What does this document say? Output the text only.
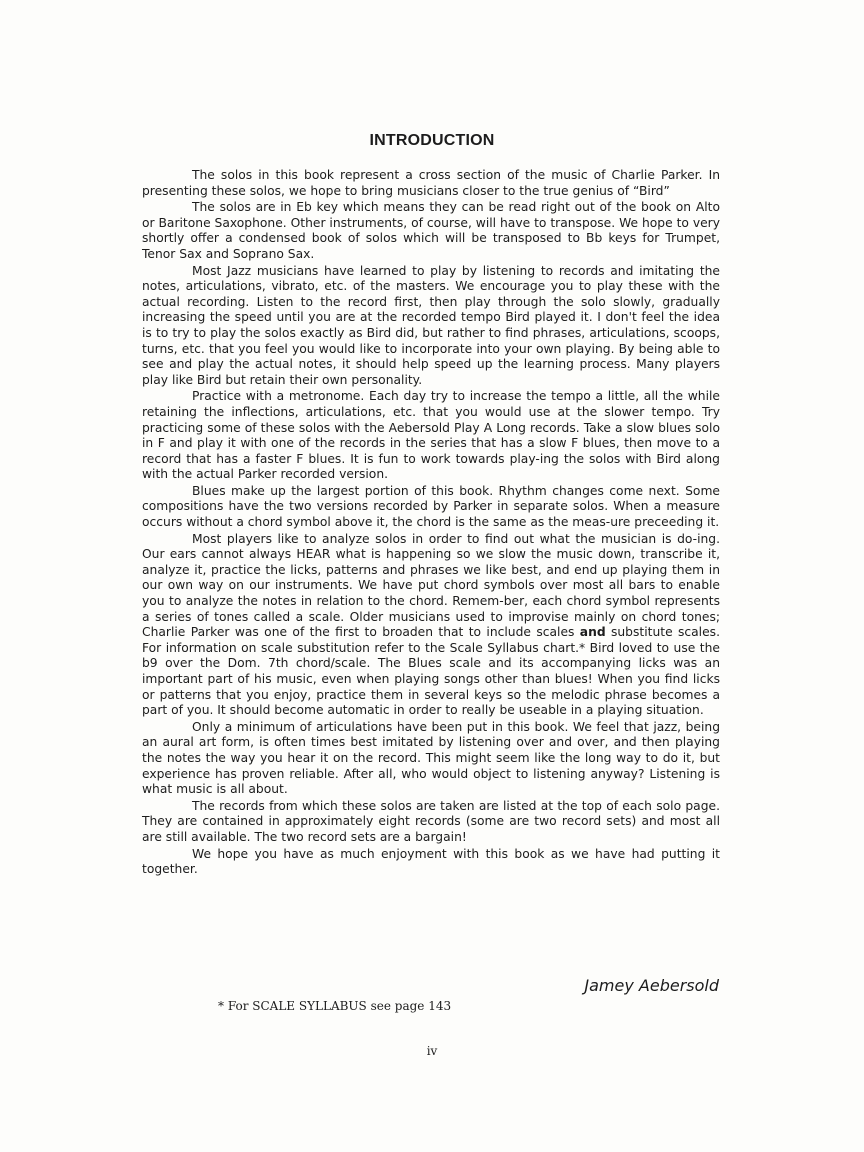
INTRODUCTION

The solos in this book represent a cross section of the music of Charlie Parker. In presenting these solos, we hope to bring musicians closer to the true genius of “Bird”

The solos are in Eb key which means they can be read right out of the book on Alto or Baritone Saxophone. Other instruments, of course, will have to transpose. We hope to very shortly offer a condensed book of solos which will be transposed to Bb keys for Trumpet, Tenor Sax and Soprano Sax.

Most Jazz musicians have learned to play by listening to records and imitating the notes, articulations, vibrato, etc. of the masters. We encourage you to play these with the actual recording. Listen to the record first, then play through the solo slowly, gradually increasing the speed until you are at the recorded tempo Bird played it. I don't feel the idea is to try to play the solos exactly as Bird did, but rather to find phrases, articulations, scoops, turns, etc. that you feel you would like to incorporate into your own playing. By being able to see and play the actual notes, it should help speed up the learning process. Many players play like Bird but retain their own personality.

Practice with a metronome. Each day try to increase the tempo a little, all the while retaining the inflections, articulations, etc. that you would use at the slower tempo. Try practicing some of these solos with the Aebersold Play A Long records. Take a slow blues solo in F and play it with one of the records in the series that has a slow F blues, then move to a record that has a faster F blues. It is fun to work towards play-ing the solos with Bird along with the actual Parker recorded version.

Blues make up the largest portion of this book. Rhythm changes come next. Some compositions have the two versions recorded by Parker in separate solos. When a measure occurs without a chord symbol above it, the chord is the same as the meas-ure preceeding it.

Most players like to analyze solos in order to find out what the musician is do-ing. Our ears cannot always HEAR what is happening so we slow the music down, transcribe it, analyze it, practice the licks, patterns and phrases we like best, and end up playing them in our own way on our instruments. We have put chord symbols over most all bars to enable you to analyze the notes in relation to the chord. Remem-ber, each chord symbol represents a series of tones called a scale. Older musicians used to improvise mainly on chord tones; Charlie Parker was one of the first to broaden that to include scales and substitute scales. For information on scale substitution refer to the Scale Syllabus chart.* Bird loved to use the b9 over the Dom. 7th chord/scale. The Blues scale and its accompanying licks was an important part of his music, even when playing songs other than blues! When you find licks or patterns that you enjoy, practice them in several keys so the melodic phrase becomes a part of you. It should become automatic in order to really be useable in a playing situation.

Only a minimum of articulations have been put in this book. We feel that jazz, being an aural art form, is often times best imitated by listening over and over, and then playing the notes the way you hear it on the record. This might seem like the long way to do it, but experience has proven reliable. After all, who would object to listening anyway? Listening is what music is all about.

The records from which these solos are taken are listed at the top of each solo page. They are contained in approximately eight records (some are two record sets) and most all are still available. The two record sets are a bargain!

We hope you have as much enjoyment with this book as we have had putting it together.

Jamey Aebersold
* For SCALE SYLLABUS see page 143
iv
